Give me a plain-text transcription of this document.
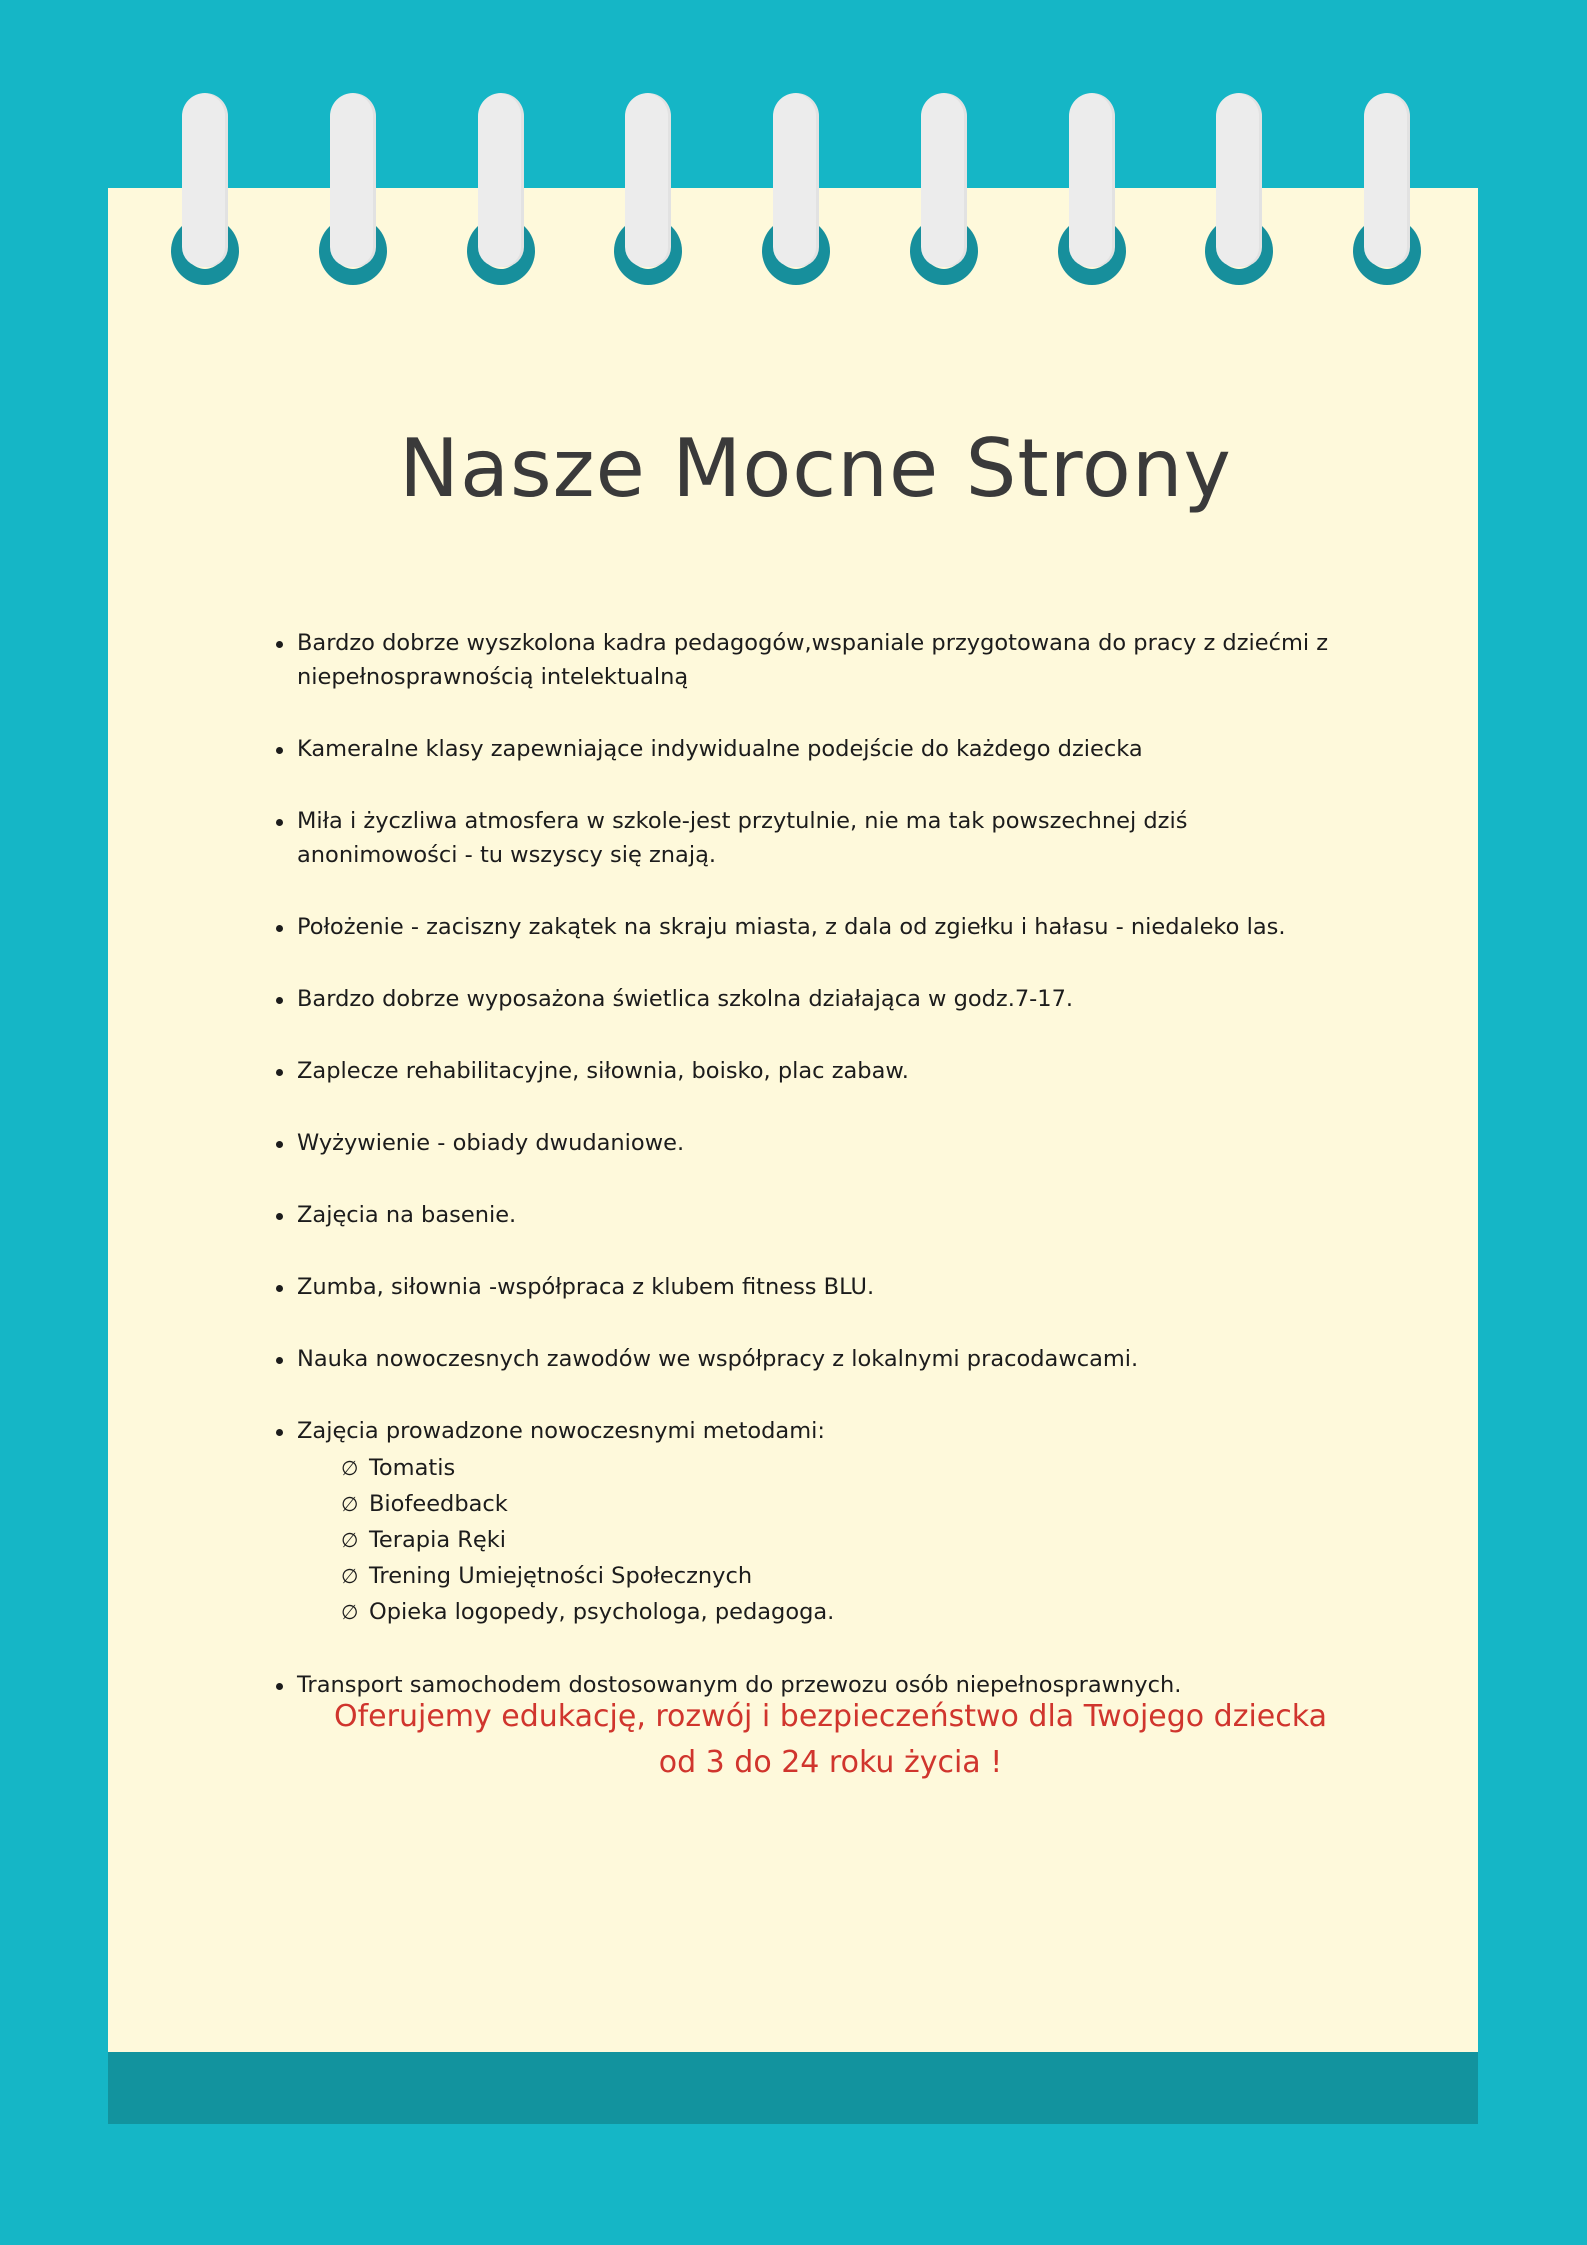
Nasze Mocne Strony
Bardzo dobrze wyszkolona kadra pedagogów,wspaniale przygotowana do pracy z dziećmi z niepełnosprawnością intelektualną
Kameralne klasy zapewniające indywidualne podejście do każdego dziecka
Miła i życzliwa atmosfera w szkole-jest przytulnie, nie ma tak powszechnej dziś anonimowości - tu wszyscy się znają.
Położenie - zaciszny zakątek na skraju miasta, z dala od zgiełku i hałasu - niedaleko las.
Bardzo dobrze wyposażona świetlica szkolna działająca w godz.7-17.
Zaplecze rehabilitacyjne, siłownia, boisko, plac zabaw.
Wyżywienie - obiady dwudaniowe.
Zajęcia na basenie.
Zumba, siłownia -współpraca z klubem fitness BLU.
Nauka nowoczesnych zawodów we współpracy z lokalnymi pracodawcami.
Zajęcia prowadzone nowoczesnymi metodami:
∅ Tomatis
∅ Biofeedback
∅ Terapia Ręki
∅ Trening Umiejętności Społecznych
∅ Opieka logopedy, psychologa, pedagoga.
Transport samochodem dostosowanym do przewozu osób niepełnosprawnych.

Oferujemy edukację, rozwój i bezpieczeństwo dla Twojego dziecka
od 3 do 24 roku życia !
